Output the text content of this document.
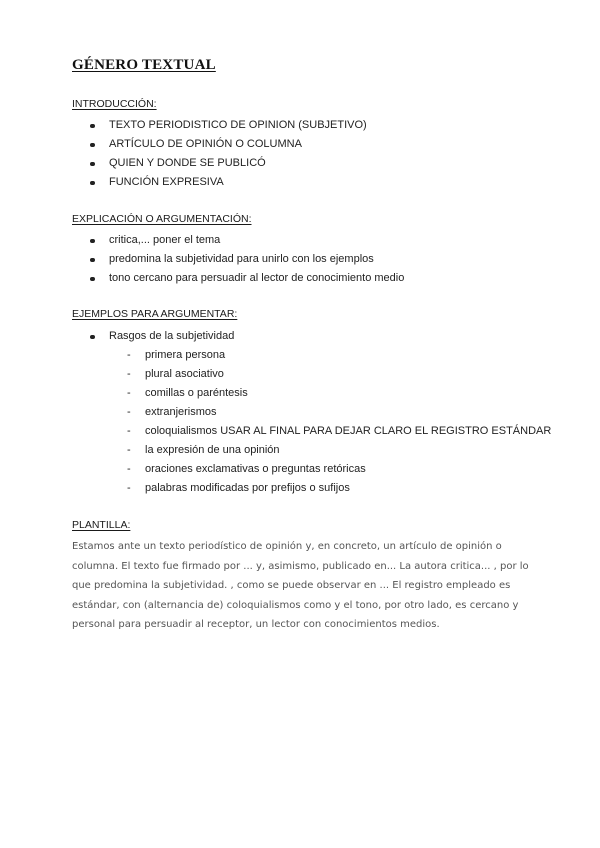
GÉNERO TEXTUAL

INTRODUCCIÓN:

TEXTO PERIODISTICO DE OPINION (SUBJETIVO)
ARTÍCULO DE OPINIÓN O COLUMNA
QUIEN Y DONDE SE PUBLICÓ
FUNCIÓN EXPRESIVA

EXPLICACIÓN O ARGUMENTACIÓN:

critica,... poner el tema
predomina la subjetividad para unirlo con los ejemplos
tono cercano para persuadir al lector de conocimiento medio

EJEMPLOS PARA ARGUMENTAR:

Rasgos de la subjetividad
- primera persona
- plural asociativo
- comillas o paréntesis
- extranjerismos
- coloquialismos USAR AL FINAL PARA DEJAR CLARO EL REGISTRO ESTÁNDAR
- la expresión de una opinión
- oraciones exclamativas o preguntas retóricas
- palabras modificadas por prefijos o sufijos

PLANTILLA:

Estamos ante un texto periodístico de opinión y, en concreto, un artículo de opinión o columna. El texto fue firmado por ... y, asimismo, publicado en... La autora critica... , por lo que predomina la subjetividad. , como se puede observar en ... El registro empleado es estándar, con (alternancia de) coloquialismos como y el tono, por otro lado, es cercano y personal para persuadir al receptor, un lector con conocimientos medios.
